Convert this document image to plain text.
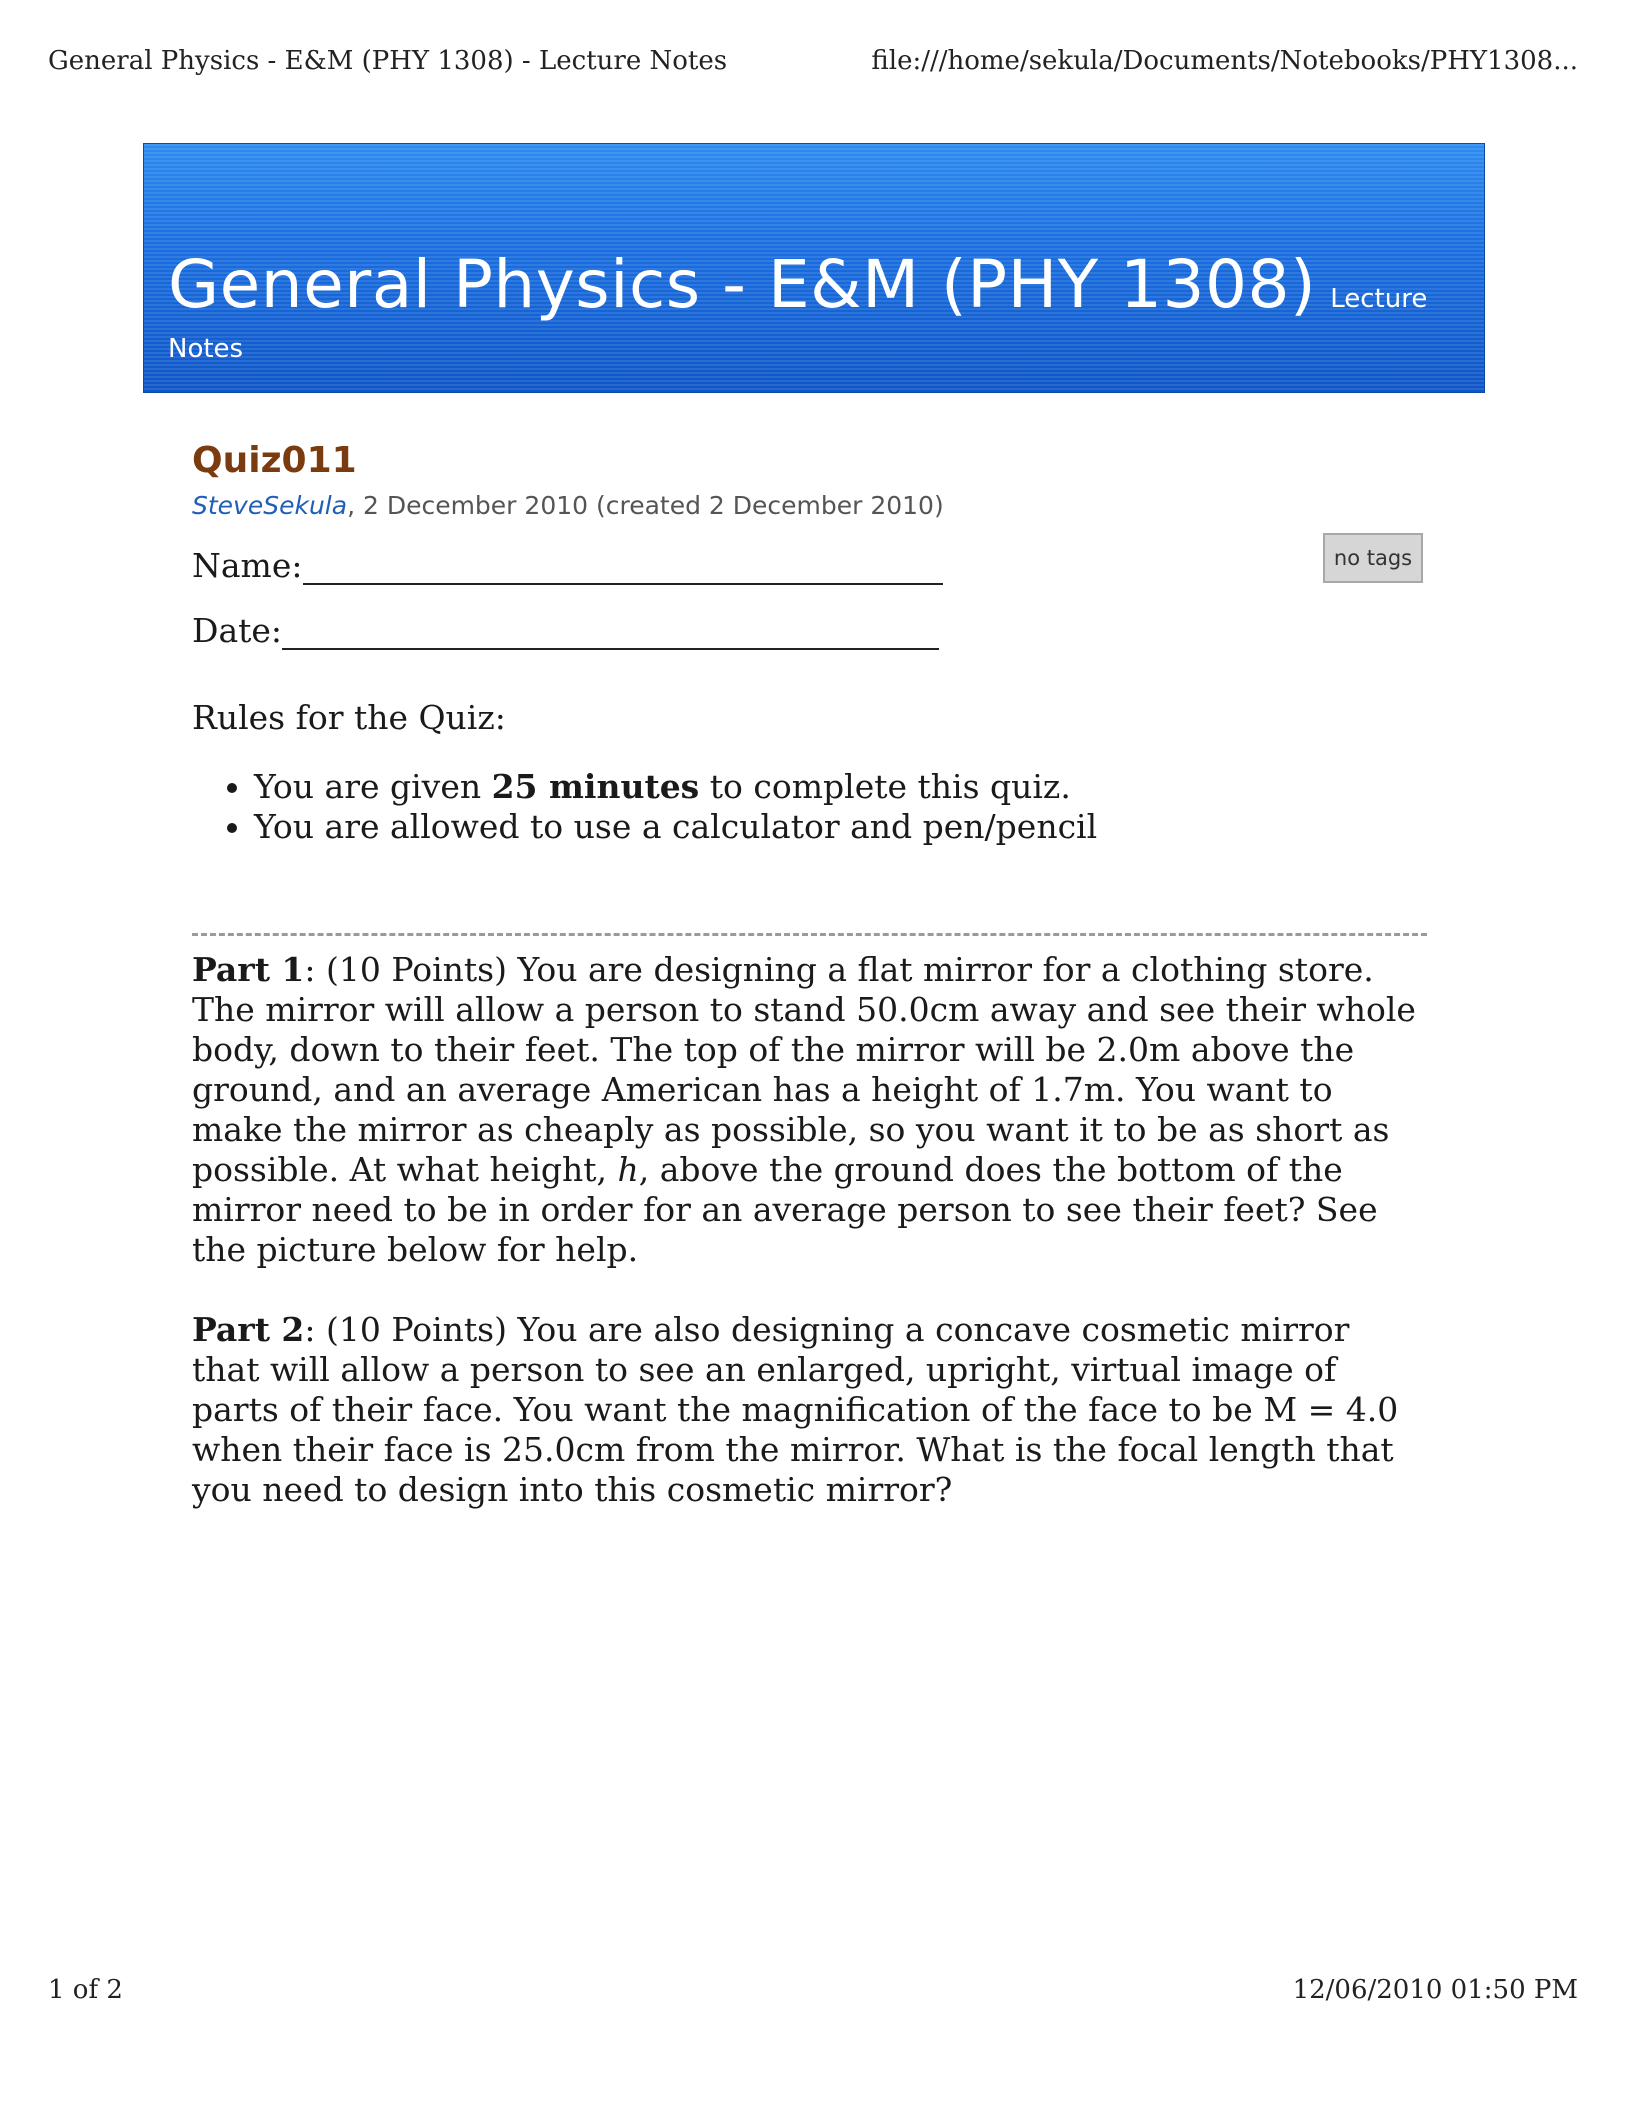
General Physics - E&M (PHY 1308) - Lecture Notes	file:///home/sekula/Documents/Notebooks/PHY1308...
General Physics - E&M (PHY 1308) Lecture
Notes
no tags
Quiz011
SteveSekula, 2 December 2010 (created 2 December 2010)
Name:
Date:
Rules for the Quiz:
• You are given 25 minutes to complete this quiz.
• You are allowed to use a calculator and pen/pencil

Part 1: (10 Points) You are designing a flat mirror for a clothing store. The mirror will allow a person to stand 50.0cm away and see their whole body, down to their feet. The top of the mirror will be 2.0m above the ground, and an average American has a height of 1.7m. You want to make the mirror as cheaply as possible, so you want it to be as short as possible. At what height, h, above the ground does the bottom of the mirror need to be in order for an average person to see their feet? See the picture below for help.

Part 2: (10 Points) You are also designing a concave cosmetic mirror that will allow a person to see an enlarged, upright, virtual image of parts of their face. You want the magnification of the face to be M = 4.0 when their face is 25.0cm from the mirror. What is the focal length that you need to design into this cosmetic mirror?

1 of 2	12/06/2010 01:50 PM
